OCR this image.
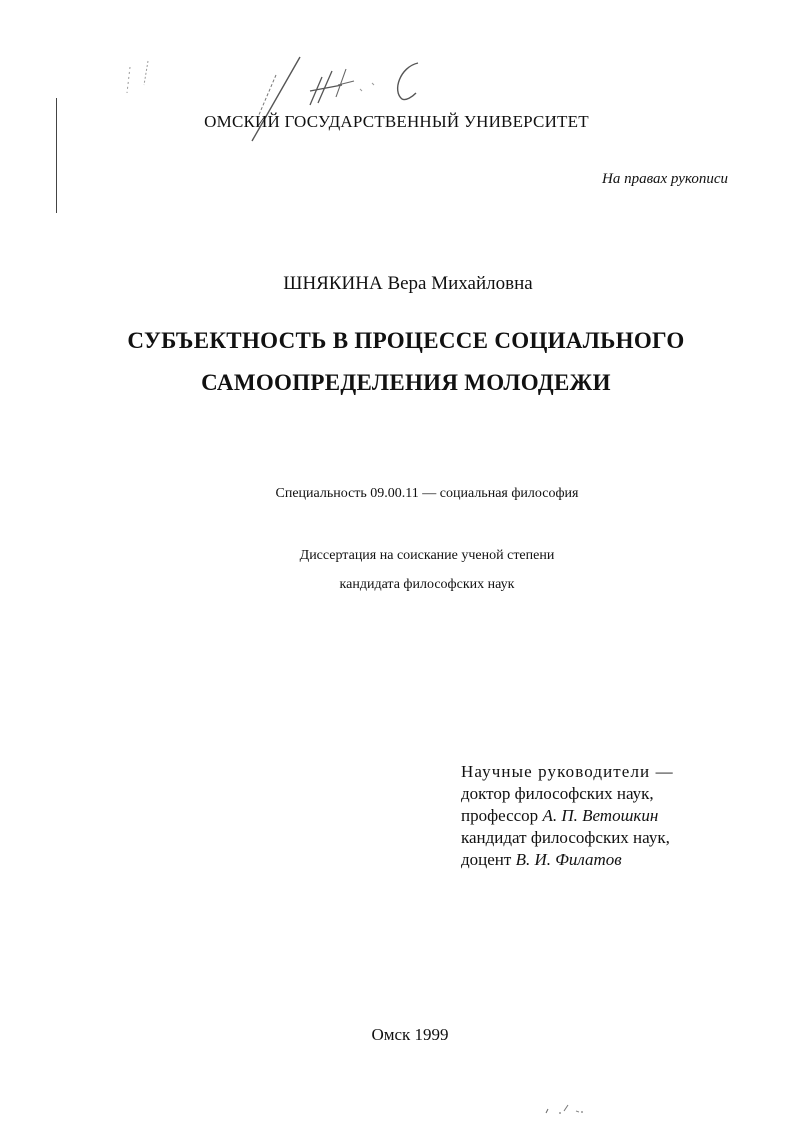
ОМСКИЙ ГОСУДАРСТВЕННЫЙ УНИВЕРСИТЕТ
На правах рукописи
ШНЯКИНА Вера Михайловна
СУБЪЕКТНОСТЬ В ПРОЦЕССЕ СОЦИАЛЬНОГО
САМООПРЕДЕЛЕНИЯ МОЛОДЕЖИ
Специальность 09.00.11 — социальная философия
Диссертация на соискание ученой степени
кандидата философских наук
Научные руководители —
доктор философских наук,
профессор А. П. Ветошкин
кандидат философских наук,
доцент В. И. Филатов
Омск 1999
